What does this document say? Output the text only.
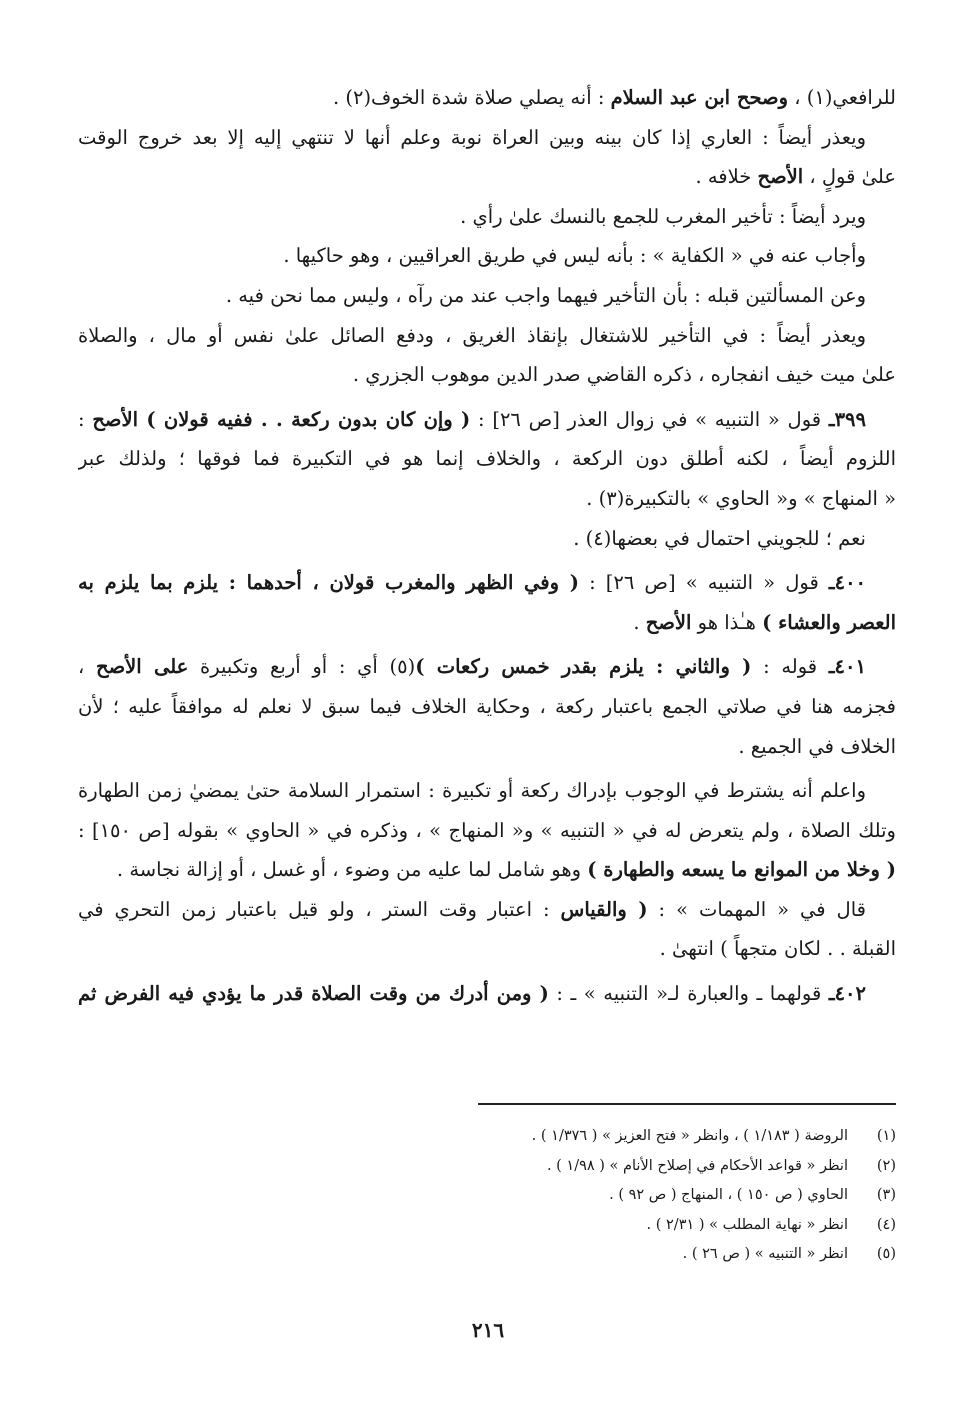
للرافعي(١) ، وصحح ابن عبد السلام : أنه يصلي صلاة شدة الخوف(٢) .
ويعذر أيضاً : العاري إذا كان بينه وبين العراة نوبة وعلم أنها لا تنتهي إليه إلا بعد خروج الوقت
علىٰ قولٍ ، الأصح خلافه .
ويرد أيضاً : تأخير المغرب للجمع بالنسك علىٰ رأي .
وأجاب عنه في « الكفاية » : بأنه ليس في طريق العراقيين ، وهو حاكيها .
وعن المسألتين قبله : بأن التأخير فيهما واجب عند من رآه ، وليس مما نحن فيه .
ويعذر أيضاً : في التأخير للاشتغال بإنقاذ الغريق ، ودفع الصائل علىٰ نفس أو مال ، والصلاة
علىٰ ميت خيف انفجاره ، ذكره القاضي صدر الدين موهوب الجزري .
٣٩٩ـ قول « التنبيه » في زوال العذر [ص ٢٦] : ( وإن كان بدون ركعة . . ففيه قولان ) الأصح :
اللزوم أيضاً ، لكنه أطلق دون الركعة ، والخلاف إنما هو في التكبيرة فما فوقها ؛ ولذلك عبر
« المنهاج » و« الحاوي » بالتكبيرة(٣) .
نعم ؛ للجويني احتمال في بعضها(٤) .
٤٠٠ـ قول « التنبيه » [ص ٢٦] : ( وفي الظهر والمغرب قولان ، أحدهما : يلزم بما يلزم به
العصر والعشاء ) هـٰذا هو الأصح .
٤٠١ـ قوله : ( والثاني : يلزم بقدر خمس ركعات )(٥) أي : أو أربع وتكبيرة على الأصح ،
فجزمه هنا في صلاتي الجمع باعتبار ركعة ، وحكاية الخلاف فيما سبق لا نعلم له موافقاً عليه ؛ لأن
الخلاف في الجميع .
واعلم أنه يشترط في الوجوب بإدراك ركعة أو تكبيرة : استمرار السلامة حتىٰ يمضيٰ زمن الطهارة
وتلك الصلاة ، ولم يتعرض له في « التنبيه » و« المنهاج » ، وذكره في « الحاوي » بقوله [ص ١٥٠] :
( وخلا من الموانع ما يسعه والطهارة ) وهو شامل لما عليه من وضوء ، أو غسل ، أو إزالة نجاسة .
قال في « المهمات » : ( والقياس : اعتبار وقت الستر ، ولو قيل باعتبار زمن التحري في
القبلة . . لكان متجهاً ) انتهىٰ .
٤٠٢ـ قولهما ـ والعبارة لـ« التنبيه » ـ : ( ومن أدرك من وقت الصلاة قدر ما يؤدي فيه الفرض ثم
(١)الروضة ( ١/١٨٣ ) ، وانظر « فتح العزيز » ( ١/٣٧٦ ) .
(٢)انظر « قواعد الأحكام في إصلاح الأنام » ( ١/٩٨ ) .
(٣)الحاوي ( ص ١٥٠ ) ، المنهاج ( ص ٩٢ ) .
(٤)انظر « نهاية المطلب » ( ٢/٣١ ) .
(٥)انظر « التنبيه » ( ص ٢٦ ) .
٢١٦
